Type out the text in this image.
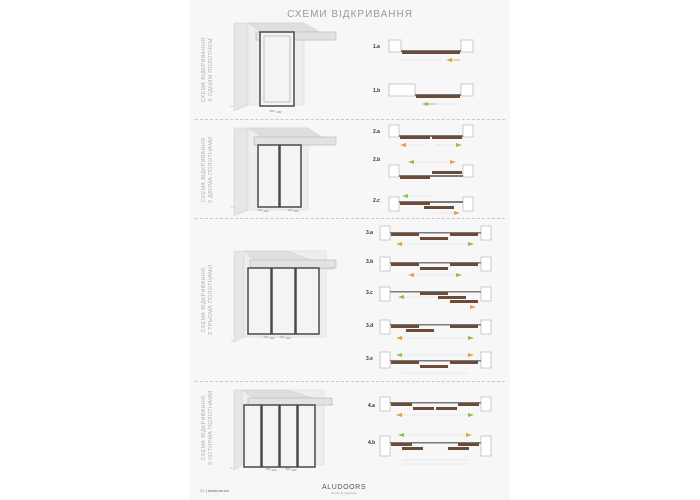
СХЕМИ ВІДКРИВАННЯ
СХЕМА ВІДКРИВАННЯ З ОДНИМ ПОЛОТНОМ
СХЕМА ВІДКРИВАННЯ З ДВОМА ПОЛОТНАМИ
СХЕМА ВІДКРИВАННЯ З ТРЬОМА ПОЛОТНАМИ
СХЕМА ВІДКРИВАННЯ З ЧОТИРМА ПОЛОТНАМИ
1.x
2.x
3.x
4.x
1.a
1.b
2.a
2.b
2.c
3.a
3.b
3.c
3.d
3.e
4.a
4.b
32 | aludoors.ua	ALUDOORS
doors & systems
